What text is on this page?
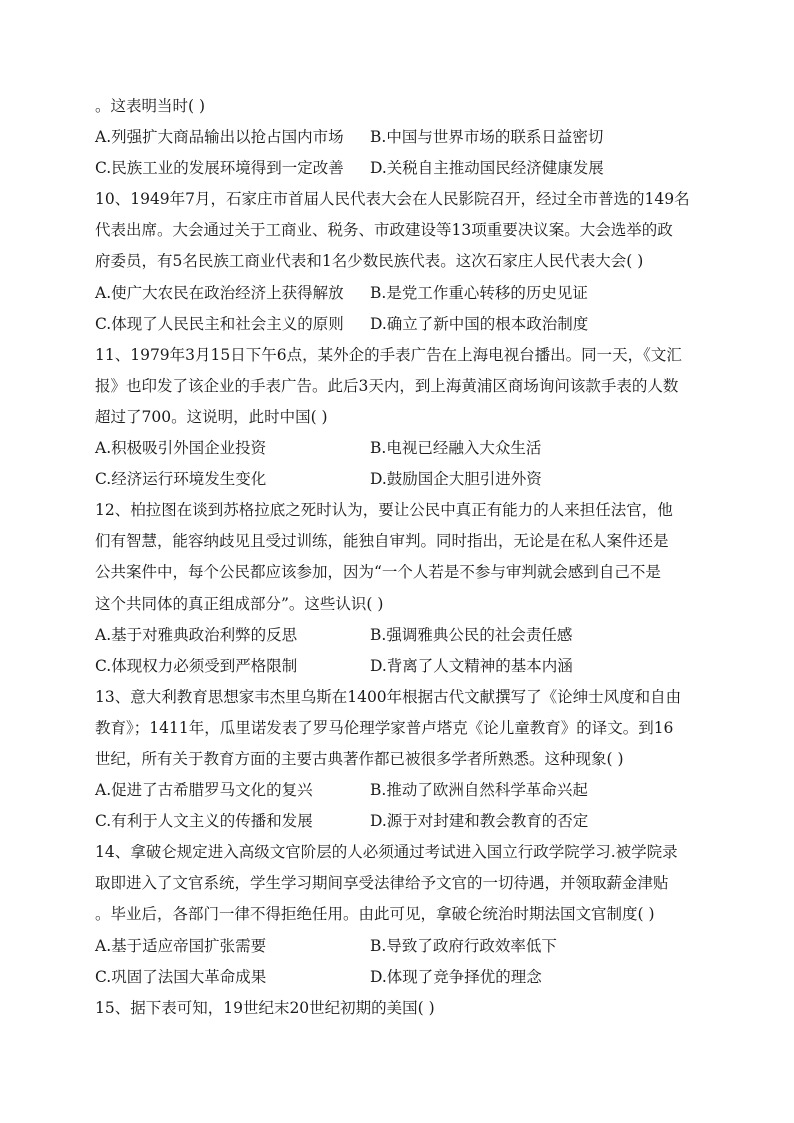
。这表明当时( )
A.列强扩大商品输出以抢占国内市场 B.中国与世界市场的联系日益密切
C.民族工业的发展环境得到一定改善 D.关税自主推动国民经济健康发展
10、1949年7月，石家庄市首届人民代表大会在人民影院召开，经过全市普选的149名
代表出席。大会通过关于工商业、税务、市政建设等13项重要决议案。大会选举的政
府委员，有5名民族工商业代表和1名少数民族代表。这次石家庄人民代表大会( )
A.使广大农民在政治经济上获得解放 B.是党工作重心转移的历史见证
C.体现了人民民主和社会主义的原则 D.确立了新中国的根本政治制度
11、1979年3月15日下午6点，某外企的手表广告在上海电视台播出。同一天，《文汇
报》也印发了该企业的手表广告。此后3天内，到上海黄浦区商场询问该款手表的人数
超过了700。这说明，此时中国( )
A.积极吸引外国企业投资	B.电视已经融入大众生活
C.经济运行环境发生变化	D.鼓励国企大胆引进外资
12、柏拉图在谈到苏格拉底之死时认为，要让公民中真正有能力的人来担任法官，他
们有智慧，能容纳歧见且受过训练，能独自审判。同时指出，无论是在私人案件还是
公共案件中，每个公民都应该参加，因为“一个人若是不参与审判就会感到自己不是
这个共同体的真正组成部分”。这些认识( )
A.基于对雅典政治利弊的反思	B.强调雅典公民的社会责任感
C.体现权力必须受到严格限制	D.背离了人文精神的基本内涵
13、意大利教育思想家韦杰里乌斯在1400年根据古代文献撰写了《论绅士风度和自由
教育》；1411年，瓜里诺发表了罗马伦理学家普卢塔克《论儿童教育》的译文。到16
世纪，所有关于教育方面的主要古典著作都已被很多学者所熟悉。这种现象( )
A.促进了古希腊罗马文化的复兴	B.推动了欧洲自然科学革命兴起
C.有利于人文主义的传播和发展	D.源于对封建和教会教育的否定
14、拿破仑规定进入高级文官阶层的人必须通过考试进入国立行政学院学习.被学院录
取即进入了文官系统，学生学习期间享受法律给予文官的一切待遇，并领取薪金津贴
。毕业后，各部门一律不得拒绝任用。由此可见，拿破仑统治时期法国文官制度( )
A.基于适应帝国扩张需要	B.导致了政府行政效率低下
C.巩固了法国大革命成果	D.体现了竞争择优的理念
15、据下表可知，19世纪末20世纪初期的美国( )
